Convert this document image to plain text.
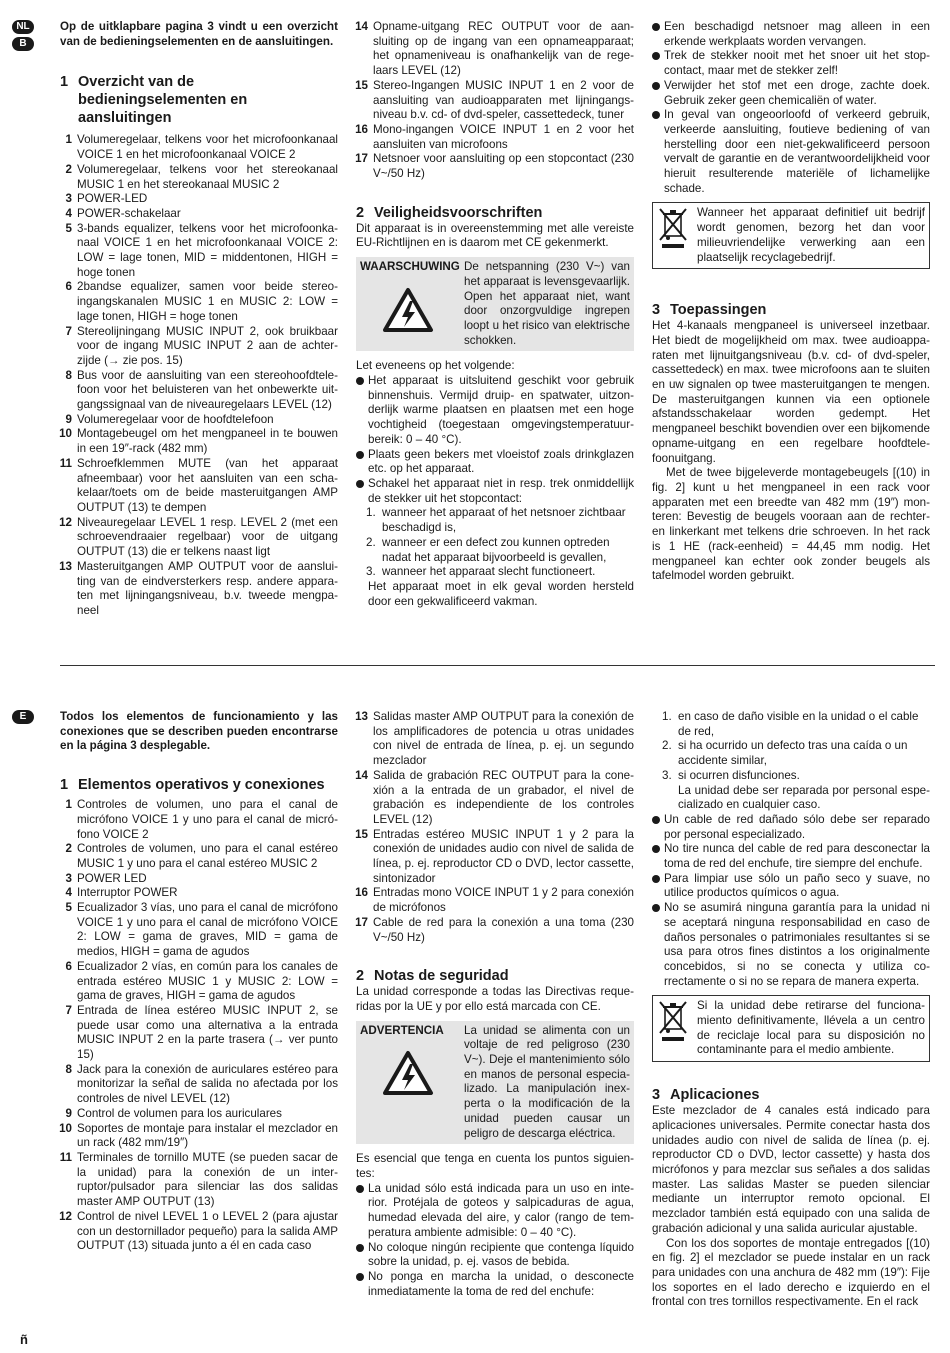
NL
B

Op de uitklapbare pagina 3 vindt u een overzicht van de bedieningselementen en de aansluitingen.

1 Overzicht van de bedieningselementen en aansluitingen
1 Volumeregelaar, telkens voor het microfoonkanaal VOICE 1 en het microfoonkanaal VOICE 2
2 Volumeregelaar, telkens voor het stereokanaal MUSIC 1 en het stereokanaal MUSIC 2
3 POWER-LED
4 POWER-schakelaar
5 3-bands equalizer, telkens voor het microfoonkanaal VOICE 1 en het microfoonkanaal VOICE 2: LOW = lage tonen, MID = middentonen, HIGH = hoge tonen
6 2bandse equalizer, samen voor beide stereo-ingangskanalen MUSIC 1 en MUSIC 2: LOW = lage tonen, HIGH = hoge tonen
7 Stereolijningang MUSIC INPUT 2, ook bruikbaar voor de ingang MUSIC INPUT 2 aan de achterzijde (→ zie pos. 15)
8 Bus voor de aansluiting van een stereohoofdtelefoon voor het beluisteren van het onbewerkte uitgangssignaal van de niveauregelaars LEVEL (12)
9 Volumeregelaar voor de hoofdtelefoon
10 Montagebeugel om het mengpaneel in te bouwen in een 19″-rack (482 mm)
11 Schroefklemmen MUTE (van het apparaat afneembaar) voor het aansluiten van een schakelaar/toets om de beide masteruitgangen AMP OUTPUT (13) te dempen
12 Niveauregelaar LEVEL 1 resp. LEVEL 2 (met een schroevendraaier regelbaar) voor de uitgang OUTPUT (13) die er telkens naast ligt
13 Masteruitgangen AMP OUTPUT voor de aansluiting van de eindversterkers resp. andere apparaten met lijningangsniveau, b.v. tweede mengpaneel
14 Opname-uitgang REC OUTPUT voor de aansluiting op de ingang van een opnameapparaat; het opnameniveau is onafhankelijk van de regelaars LEVEL (12)
15 Stereo-Ingangen MUSIC INPUT 1 en 2 voor de aansluiting van audioapparaten met lijningangsniveau b.v. cd- of dvd-speler, cassettedeck, tuner
16 Mono-ingangen VOICE INPUT 1 en 2 voor het aansluiten van microfoons
17 Netsnoer voor aansluiting op een stopcontact (230 V~/50 Hz)
2 Veiligheidsvoorschriften

Dit apparaat is in overeenstemming met alle vereiste EU-Richtlijnen en is daarom met CE gekenmerkt.

WAARSCHUWING De netspanning (230 V~) van het apparaat is levensgevaarlijk. Open het apparaat niet, want door onzorgvuldige ingrepen loopt u het risico van elektrische schokken.

Let eveneens op het volgende:

Het apparaat is uitsluitend geschikt voor gebruik binnenshuis. Vermijd druip- en spatwater, uitzonderlijk warme plaatsen en plaatsen met een hoge vochtigheid (toegestaan omgevingstemperatuurbereik: 0 – 40 °C).
Plaats geen bekers met vloeistof zoals drinkglazen etc. op het apparaat.
Schakel het apparaat niet in resp. trek onmiddellijk de stekker uit het stopcontact:
1. wanneer het apparaat of het netsnoer zichtbaar beschadigd is,
2. wanneer er een defect zou kunnen optreden nadat het apparaat bijvoorbeeld is gevallen,
3. wanneer het apparaat slecht functioneert.

Het apparaat moet in elk geval worden hersteld door een gekwalificeerd vakman.

Een beschadigd netsnoer mag alleen in een erkende werkplaats worden vervangen.
Trek de stekker nooit met het snoer uit het stopcontact, maar met de stekker zelf!
Verwijder het stof met een droge, zachte doek. Gebruik zeker geen chemicaliën of water.
In geval van ongeoorloofd of verkeerd gebruik, verkeerde aansluiting, foutieve bediening of van herstelling door een niet-gekwalificeerd persoon vervalt de garantie en de verantwoordelijkheid voor hieruit resulterende materiële of lichamelijke schade.
Wanneer het apparaat definitief uit bedrijf wordt genomen, bezorg het dan voor milieuvriendelijke verwerking aan een plaatselijk recyclagebedrijf.
3 Toepassingen

Het 4-kanaals mengpaneel is universeel inzetbaar. Het biedt de mogelijkheid om max. twee audioapparaten met lijnuitgangsniveau (b.v. cd- of dvd-speler, cassettedeck) en max. twee microfoons aan te sluiten en uw signalen op twee masteruitgangen te mengen. De masteruitgangen kunnen via een optionele afstandsschakelaar worden gedempt. Het mengpaneel beschikt bovendien over een bijkomende opname-uitgang en een regelbare hoofdtelefoonuitgang.

Met de twee bijgeleverde montagebeugels [(10) in fig. 2] kunt u het mengpaneel in een rack voor apparaten met een breedte van 482 mm (19″) monteren: Bevestig de beugels vooraan aan de rechter- en linkerkant met telkens drie schroeven. In het rack is 1 HE (rack-eenheid) = 44,45 mm nodig. Het mengpaneel kan echter ook zonder beugels als tafelmodel worden gebruikt.

E	Todos los elementos de funcionamiento y las conexiones que se describen pueden encontrarse en la página 3 desplegable.

1 Elementos operativos y conexiones
1 Controles de volumen, uno para el canal de micrófono VOICE 1 y uno para el canal de micrófono VOICE 2
2 Controles de volumen, uno para el canal estéreo MUSIC 1 y uno para el canal estéreo MUSIC 2
3 POWER LED
4 Interruptor POWER
5 Ecualizador 3 vías, uno para el canal de micrófono VOICE 1 y uno para el canal de micrófono VOICE 2: LOW = gama de graves, MID = gama de medios, HIGH = gama de agudos
6 Ecualizador 2 vías, en común para los canales de entrada estéreo MUSIC 1 y MUSIC 2: LOW = gama de graves, HIGH = gama de agudos
7 Entrada de línea estéreo MUSIC INPUT 2, se puede usar como una alternativa a la entrada MUSIC INPUT 2 en la parte trasera (→ ver punto 15)
8 Jack para la conexión de auriculares estéreo para monitorizar la señal de salida no afectada por los controles de nivel LEVEL (12)
9 Control de volumen para los auriculares
10 Soportes de montaje para instalar el mezclador en un rack (482 mm/19″)
11 Terminales de tornillo MUTE (se pueden sacar de la unidad) para la conexión de un interruptor/pulsador para silenciar las dos salidas master AMP OUTPUT (13)
12 Control de nivel LEVEL 1 o LEVEL 2 (para ajustar con un destornillador pequeño) para la salida AMP OUTPUT (13) situada junto a él en cada caso
13 Salidas master AMP OUTPUT para la conexión de los amplificadores de potencia u otras unidades con nivel de entrada de línea, p. ej. un segundo mezclador
14 Salida de grabación REC OUTPUT para la conexión a la entrada de un grabador, el nivel de grabación es independiente de los controles LEVEL (12)
15 Entradas estéreo MUSIC INPUT 1 y 2 para la conexión de unidades audio con nivel de salida de línea, p. ej. reproductor CD o DVD, lector cassette, sintonizador
16 Entradas mono VOICE INPUT 1 y 2 para conexión de micrófonos
17 Cable de red para la conexión a una toma (230 V~/50 Hz)
2 Notas de seguridad

La unidad corresponde a todas las Directivas requeridas por la UE y por ello está marcada con CE.

ADVERTENCIA	La unidad se alimenta con un voltaje de red peligroso (230 V~). Deje el mantenimiento sólo en manos de personal especializado. La manipulación inexperta o la modificación de la unidad pueden causar un peligro de descarga eléctrica.

Es esencial que tenga en cuenta los puntos siguientes:

La unidad sólo está indicada para un uso en interior. Protéjala de goteos y salpicaduras de agua, humedad elevada del aire, y calor (rango de temperatura ambiente admisible: 0 – 40 °C).
No coloque ningún recipiente que contenga líquido sobre la unidad, p. ej. vasos de bebida.
No ponga en marcha la unidad, o desconecte inmediatamente la toma de red del enchufe:
1. en caso de daño visible en la unidad o el cable de red,
2. si ha ocurrido un defecto tras una caída o un accidente similar,
3. si ocurren disfunciones.

La unidad debe ser reparada por personal especializado en cualquier caso.

Un cable de red dañado sólo debe ser reparado por personal especializado.
No tire nunca del cable de red para desconectar la toma de red del enchufe, tire siempre del enchufe.
Para limpiar use sólo un paño seco y suave, no utilice productos químicos o agua.
No se asumirá ninguna garantía para la unidad ni se aceptará ninguna responsabilidad en caso de daños personales o patrimoniales resultantes si se usa para otros fines distintos a los originalmente concebidos, si no se conecta y utiliza correctamente o si no se repara de manera experta.
Si la unidad debe retirarse del funcionamiento definitivamente, llévela a un centro de reciclaje local para su disposición no contaminante para el medio ambiente.
3 Aplicaciones

Este mezclador de 4 canales está indicado para aplicaciones universales. Permite conectar hasta dos unidades audio con nivel de salida de línea (p. ej. reproductor CD o DVD, lector cassette) y hasta dos micrófonos y para mezclar sus señales a dos salidas master. Las salidas Master se pueden silenciar mediante un interruptor remoto opcional. El mezclador también está equipado con una salida de grabación adicional y una salida auricular ajustable.

Con los dos soportes de montaje entregados [(10) en fig. 2] el mezclador se puede instalar en un rack para unidades con una anchura de 482 mm (19″): Fije los soportes en el lado derecho e izquierdo en el frontal con tres tornillos respectivamente. En el rack

ñ
